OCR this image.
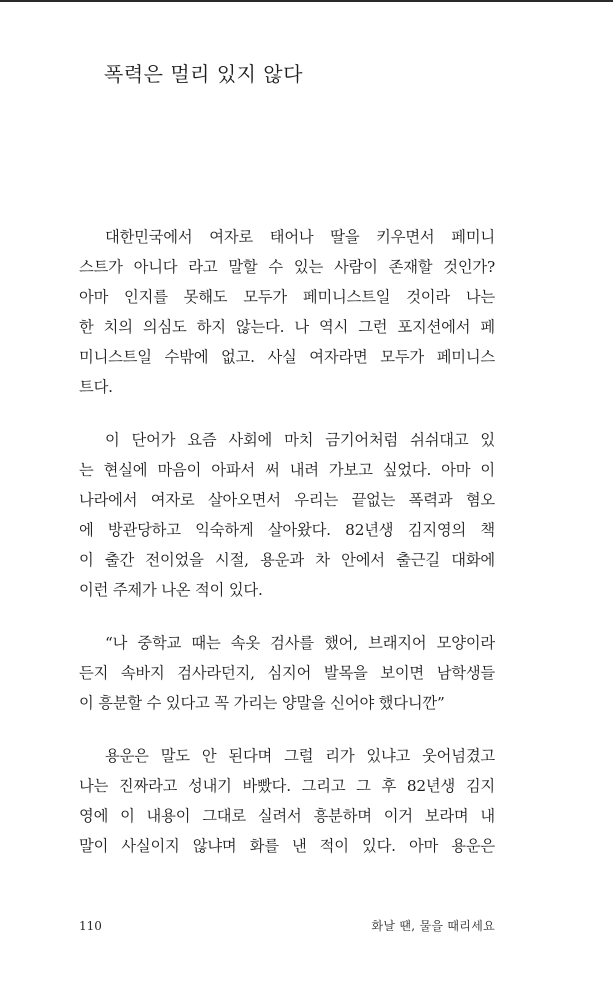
폭력은 멀리 있지 않다

대한민국에서 여자로 태어나 딸을 키우면서 페미니
스트가 아니다 라고 말할 수 있는 사람이 존재할 것인가?
아마 인지를 못해도 모두가 페미니스트일 것이라 나는
한 치의 의심도 하지 않는다. 나 역시 그런 포지션에서 페
미니스트일 수밖에 없고. 사실 여자라면 모두가 페미니스
트다.

이 단어가 요즘 사회에 마치 금기어처럼 쉬쉬대고 있
는 현실에 마음이 아파서 써 내려 가보고 싶었다. 아마 이
나라에서 여자로 살아오면서 우리는 끝없는 폭력과 혐오
에 방관당하고 익숙하게 살아왔다. 82년생 김지영의 책
이 출간 전이었을 시절, 용운과 차 안에서 출근길 대화에
이런 주제가 나온 적이 있다.

“나 중학교 때는 속옷 검사를 했어, 브래지어 모양이라
든지 속바지 검사라던지, 심지어 발목을 보이면 남학생들
이 흥분할 수 있다고 꼭 가리는 양말을 신어야 했다니깐”

용운은 말도 안 된다며 그럴 리가 있냐고 웃어넘겼고
나는 진짜라고 성내기 바빴다. 그리고 그 후 82년생 김지
영에 이 내용이 그대로 실려서 흥분하며 이거 보라며 내
말이 사실이지 않냐며 화를 낸 적이 있다. 아마 용운은

110	화날 땐, 물을 때리세요
